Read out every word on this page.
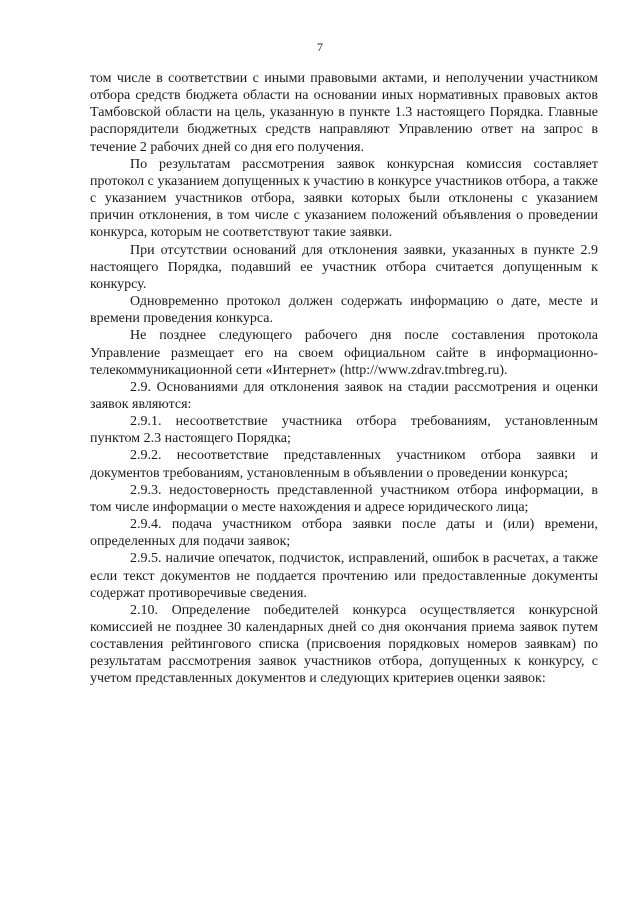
7

том числе в соответствии с иными правовыми актами, и неполучении участником отбора средств бюджета области на основании иных нормативных правовых актов Тамбовской области на цель, указанную в пункте 1.3 настоящего Порядка. Главные распорядители бюджетных средств направляют Управлению ответ на запрос в течение 2 рабочих дней со дня его получения.

По результатам рассмотрения заявок конкурсная комиссия составляет протокол с указанием допущенных к участию в конкурсе участников отбора, а также с указанием участников отбора, заявки которых были отклонены с указанием причин отклонения, в том числе с указанием положений объявления о проведении конкурса, которым не соответствуют такие заявки.

При отсутствии оснований для отклонения заявки, указанных в пункте 2.9 настоящего Порядка, подавший ее участник отбора считается допущенным к конкурсу.

Одновременно протокол должен содержать информацию о дате, месте и времени проведения конкурса.

Не позднее следующего рабочего дня после составления протокола Управление размещает его на своем официальном сайте в информационно-телекоммуникационной сети «Интернет» (http://www.zdrav.tmbreg.ru).

2.9. Основаниями для отклонения заявок на стадии рассмотрения и оценки заявок являются:

2.9.1. несоответствие участника отбора требованиям, установленным пунктом 2.3 настоящего Порядка;

2.9.2. несоответствие представленных участником отбора заявки и документов требованиям, установленным в объявлении о проведении конкурса;

2.9.3. недостоверность представленной участником отбора информации, в том числе информации о месте нахождения и адресе юридического лица;

2.9.4. подача участником отбора заявки после даты и (или) времени, определенных для подачи заявок;

2.9.5. наличие опечаток, подчисток, исправлений, ошибок в расчетах, а также если текст документов не поддается прочтению или предоставленные документы содержат противоречивые сведения.

2.10. Определение победителей конкурса осуществляется конкурсной комиссией не позднее 30 календарных дней со дня окончания приема заявок путем составления рейтингового списка (присвоения порядковых номеров заявкам) по результатам рассмотрения заявок участников отбора, допущенных к конкурсу, с учетом представленных документов и следующих критериев оценки заявок:
